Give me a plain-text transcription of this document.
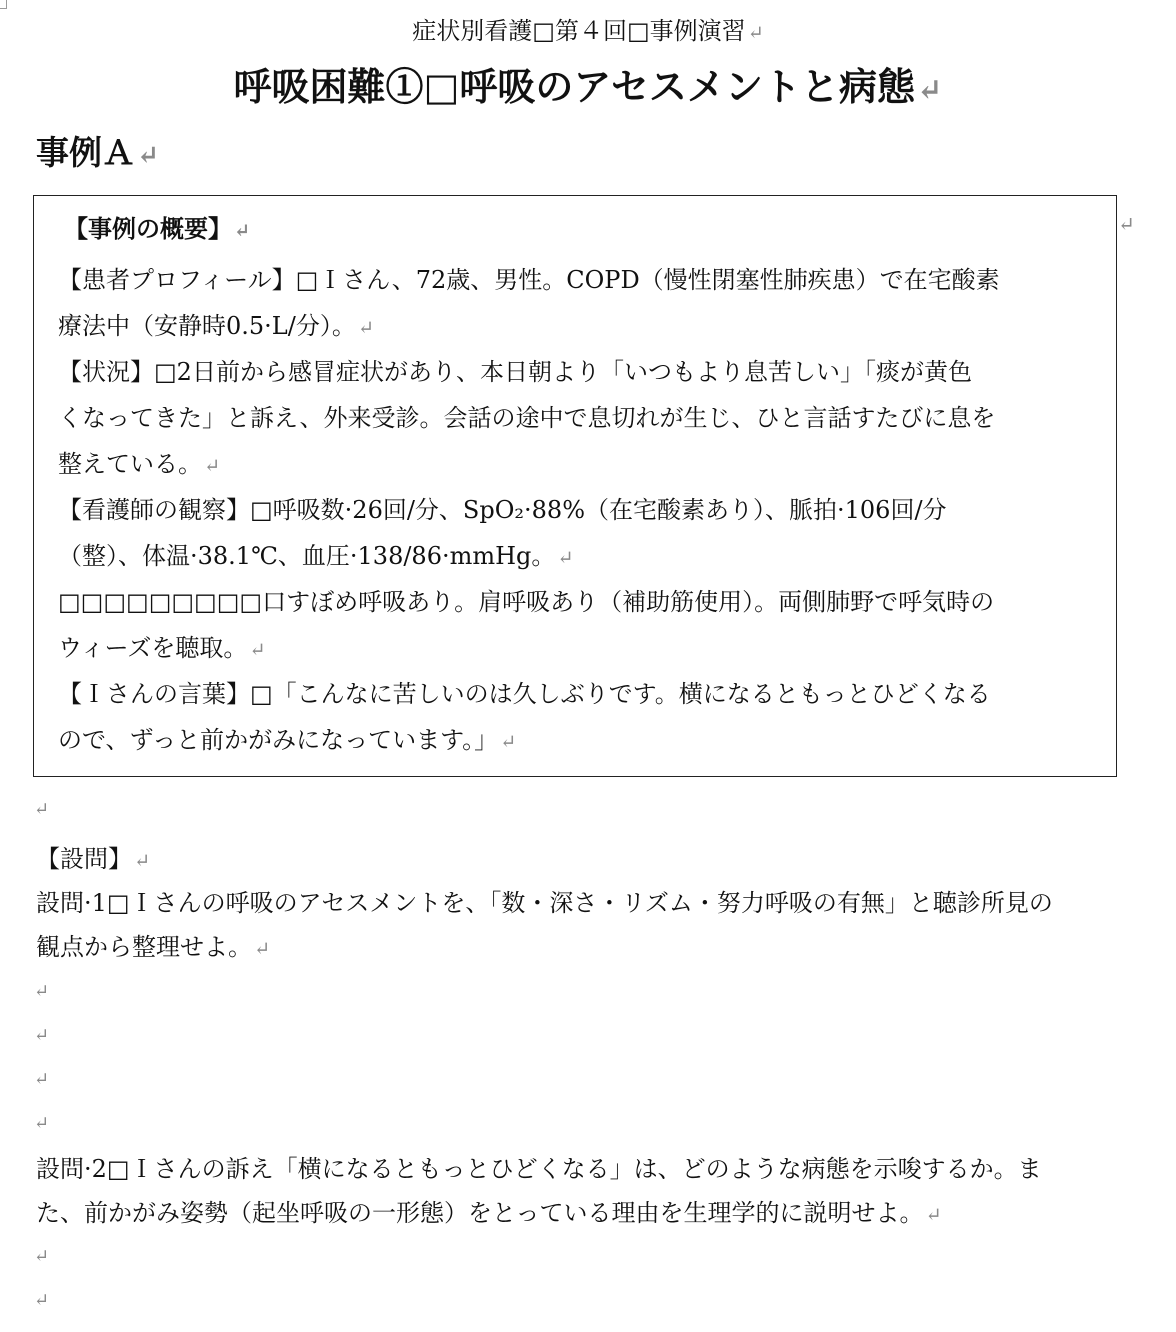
症状別看護□第４回□事例演習 ↵
呼吸困難①□呼吸のアセスメントと病態↵
事例Ａ↵
【事例の概要】 ↵
【患者プロフィール】□Ｉさん、72歳、男性。COPD（慢性閉塞性肺疾患）で在宅酸素
療法中（安静時0.5·L/分）。 ↵
【状況】□2日前から感冒症状があり、本日朝より「いつもより息苦しい」「痰が黄色
くなってきた」と訴え、外来受診。会話の途中で息切れが生じ、ひと言話すたびに息を
整えている。 ↵
【看護師の観察】□呼吸数·26回/分、SpO₂·88%（在宅酸素あり）、脈拍·106回/分
（整）、体温·38.1℃、血圧·138/86·mmHg。 ↵
□□□□□□□□□口すぼめ呼吸あり。肩呼吸あり（補助筋使用）。両側肺野で呼気時の
ウィーズを聴取。 ↵
【Ｉさんの言葉】□「こんなに苦しいのは久しぶりです。横になるともっとひどくなる
ので、ずっと前かがみになっています。」 ↵
↵
↵
【設問】 ↵
設問·1□Ｉさんの呼吸のアセスメントを、「数・深さ・リズム・努力呼吸の有無」と聴診所見の
観点から整理せよ。 ↵
↵
↵
↵
↵
設問·2□Ｉさんの訴え「横になるともっとひどくなる」は、どのような病態を示唆するか。ま
た、前かがみ姿勢（起坐呼吸の一形態）をとっている理由を生理学的に説明せよ。 ↵
↵
↵
